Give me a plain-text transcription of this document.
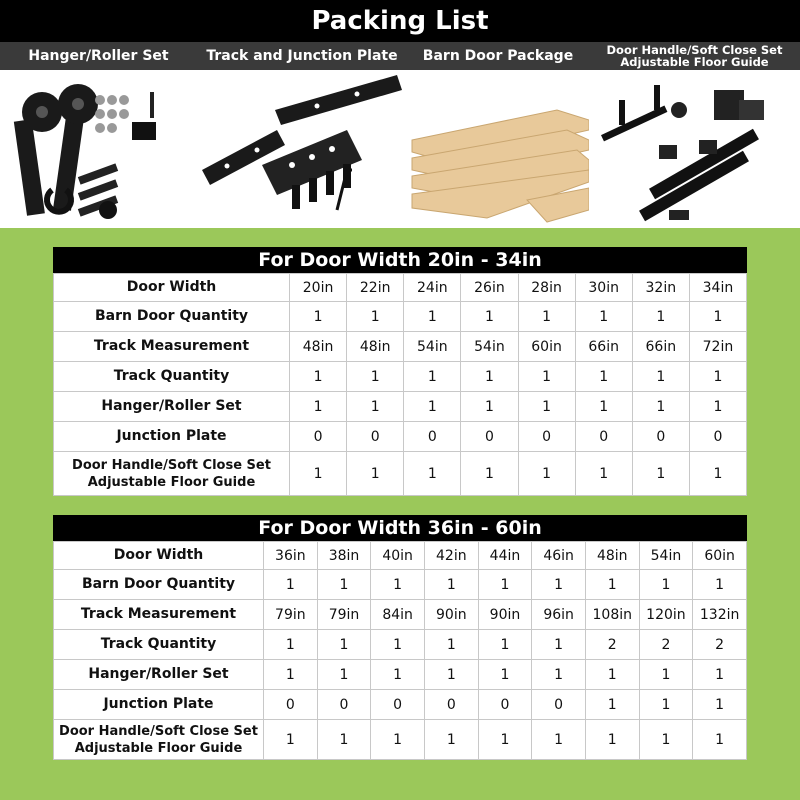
Packing List
Hanger/Roller Set	Track and Junction Plate	Barn Door Package	Door Handle/Soft Close Set
Adjustable Floor Guide
For Door Width 20in - 34in
Door Width	20in	22in	24in	26in	28in	30in	32in	34in
Barn Door Quantity	1	1	1	1	1	1	1	1
Track Measurement	48in	48in	54in	54in	60in	66in	66in	72in
Track Quantity	1	1	1	1	1	1	1	1
Hanger/Roller Set	1	1	1	1	1	1	1	1
Junction Plate	0	0	0	0	0	0	0	0

Door Handle/Soft Close Set
Adjustable Floor Guide	1	1	1	1	1	1	1	1
For Door Width 36in - 60in
Door Width	36in	38in	40in	42in	44in	46in	48in	54in	60in
Barn Door Quantity	1	1	1	1	1	1	1	1	1
Track Measurement	79in	79in	84in	90in	90in	96in	108in	120in	132in
Track Quantity	1	1	1	1	1	1	2	2	2
Hanger/Roller Set	1	1	1	1	1	1	1	1	1
Junction Plate	0	0	0	0	0	0	1	1	1

Door Handle/Soft Close Set
Adjustable Floor Guide	1	1	1	1	1	1	1	1	1
